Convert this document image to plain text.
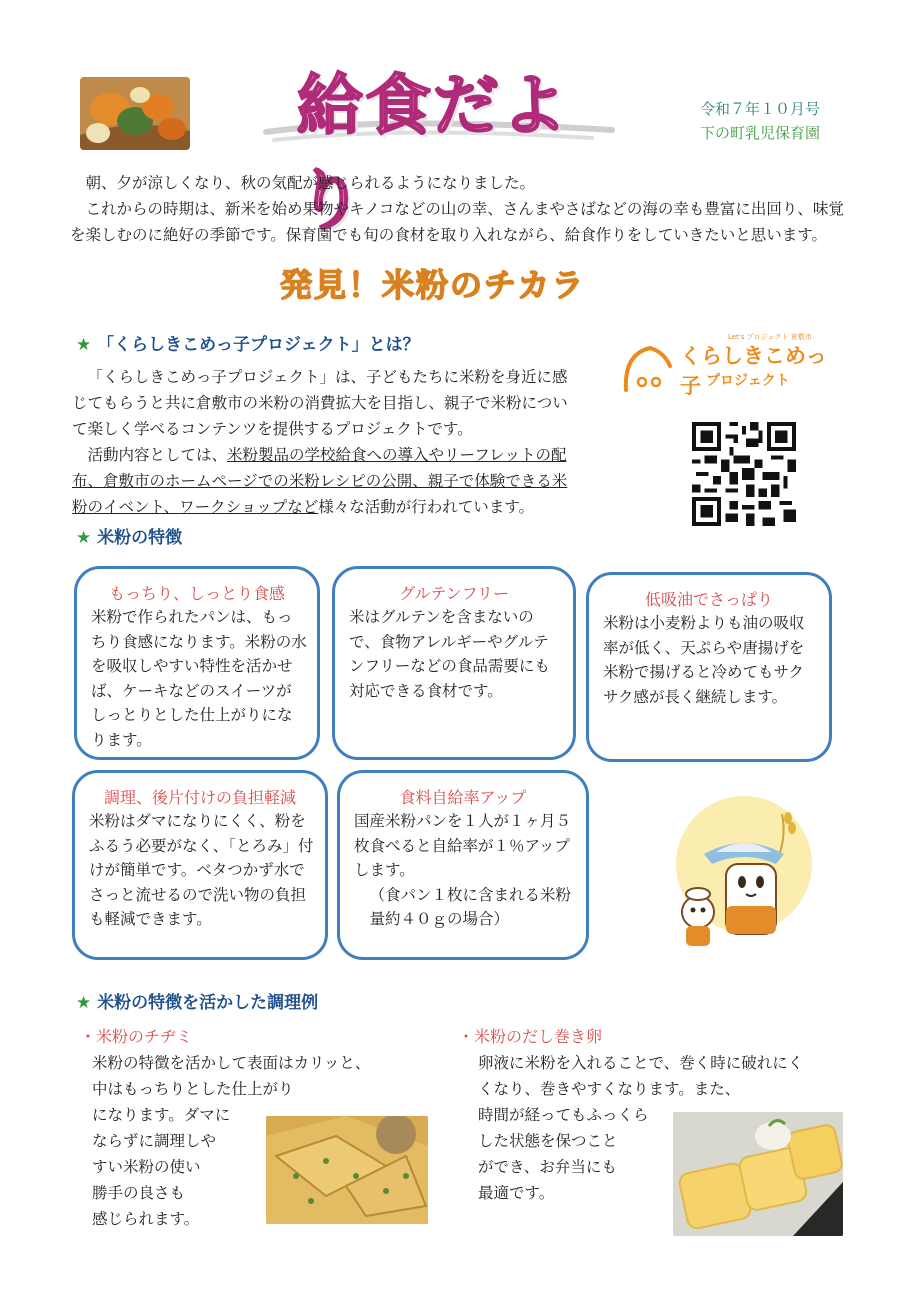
給食だより
令和７年１０月号
下の町乳児保育園

朝、夕が涼しくなり、秋の気配が感じられるようになりました。

これからの時期は、新米を始め果物やキノコなどの山の幸、さんまやさばなどの海の幸も豊富に出回り、味覚を楽しむのに絶好の季節です。保育園でも旬の食材を取り入れながら、給食作りをしていきたいと思います。

発見！米粉のチカラ
★ 「くらしきこめっ子プロジェクト」とは？

「くらしきこめっ子プロジェクト」は、子どもたちに米粉を身近に感じてもらうと共に倉敷市の米粉の消費拡大を目指し、親子で米粉について楽しく学べるコンテンツを提供するプロジェクトです。

活動内容としては、米粉製品の学校給食への導入やリーフレットの配布、倉敷市のホームページでの米粉レシピの公開、親子で体験できる米粉のイベント、ワークショップなど様々な活動が行われています。

Let's プロジェクト 倉敷市
くらしきこめっ子 プロジェクト
★ 米粉の特徴
もっちり、しっとり食感
米粉で作られたパンは、もっちり食感になります。米粉の水を吸収しやすい特性を活かせば、ケーキなどのスイーツがしっとりとした仕上がりになります。
グルテンフリー
米はグルテンを含まないので、食物アレルギーやグルテンフリーなどの食品需要にも対応できる食材です。
低吸油でさっぱり
米粉は小麦粉よりも油の吸収率が低く、天ぷらや唐揚げを米粉で揚げると冷めてもサクサク感が長く継続します。
調理、後片付けの負担軽減
米粉はダマになりにくく、粉をふるう必要がなく、「とろみ」付けが簡単です。ベタつかず水でさっと流せるので洗い物の負担も軽減できます。
食料自給率アップ
国産米粉パンを１人が１ヶ月５枚食べると自給率が１％アップします。
（食パン１枚に含まれる米粉量約４０ｇの場合）
★ 米粉の特徴を活かした調理例
・米粉のチヂミ
米粉の特徴を活かして表面はカリッと、
中はもっちりとした仕上がり
になります。ダマに
ならずに調理しや
すい米粉の使い
勝手の良さも
感じられます。
・米粉のだし巻き卵
卵液に米粉を入れることで、巻く時に破れにく
くなり、巻きやすくなります。また、
時間が経ってもふっくら
した状態を保つこと
ができ、お弁当にも
最適です。
